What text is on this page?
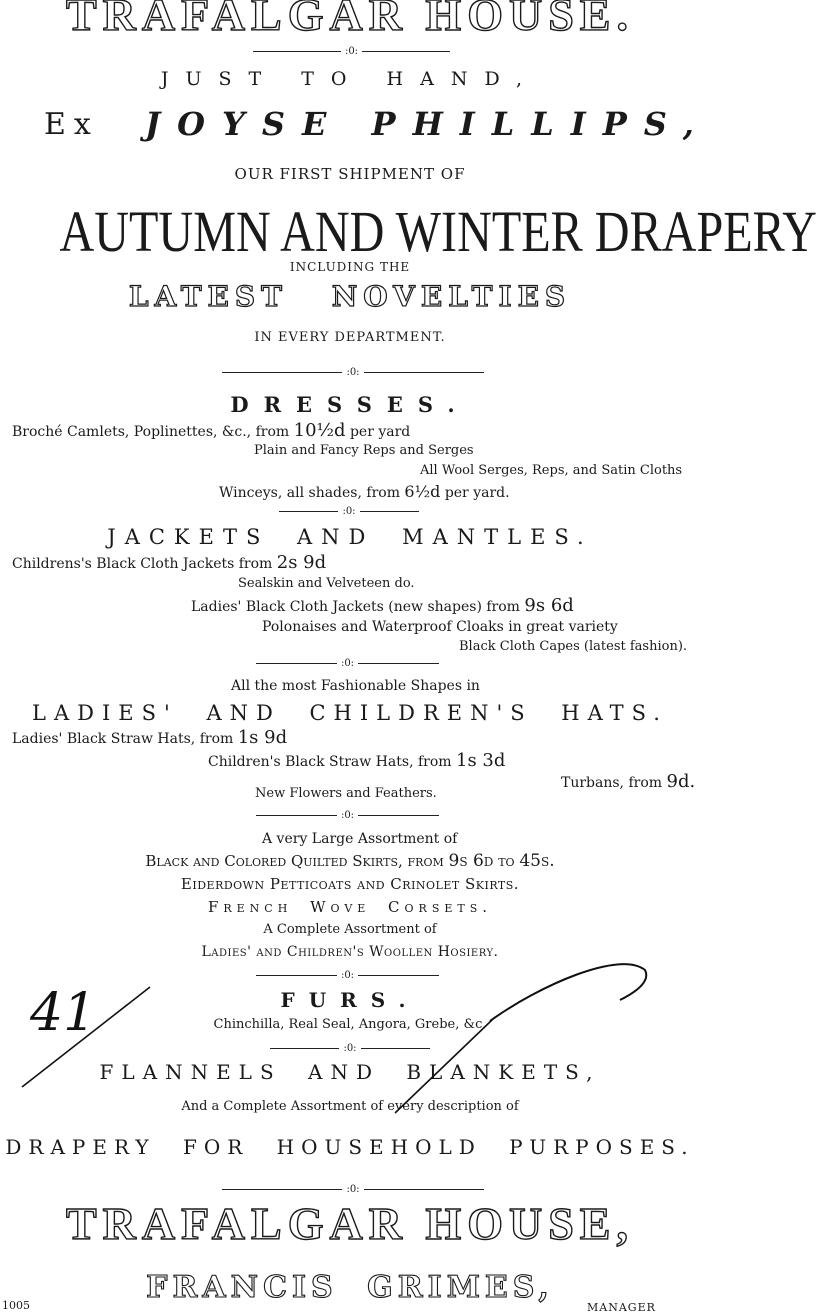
TRAFALGAR HOUSE.
:0:
JUST TO HAND,
Ex JOYSE PHILLIPS,
OUR FIRST SHIPMENT OF
AUTUMN AND WINTER DRAPERY
INCLUDING THE
LATEST NOVELTIES
IN EVERY DEPARTMENT.
:0:
DRESSES.
Broché Camlets, Poplinettes, &c., from 10½d per yard
Plain and Fancy Reps and Serges
All Wool Serges, Reps, and Satin Cloths
Winceys, all shades, from 6½d per yard.
:0:
JACKETS AND MANTLES.
Childrens's Black Cloth Jackets from 2s 9d
Sealskin and Velveteen do.
Ladies' Black Cloth Jackets (new shapes) from 9s 6d
Polonaises and Waterproof Cloaks in great variety
Black Cloth Capes (latest fashion).
:0:
All the most Fashionable Shapes in
LADIES' AND CHILDREN'S HATS.
Ladies' Black Straw Hats, from 1s 9d
Children's Black Straw Hats, from 1s 3d
Turbans, from 9d.
New Flowers and Feathers.
:0:
A very Large Assortment of
Black and Colored Quilted Skirts, from 9s 6d to 45s.
Eiderdown Petticoats and Crinolet Skirts.
French Wove Corsets.
A Complete Assortment of
Ladies' and Children's Woollen Hosiery.
:0:
FURS.
Chinchilla, Real Seal, Angora, Grebe, &c.
:0:
FLANNELS AND BLANKETS,
And a Complete Assortment of every description of
DRAPERY FOR HOUSEHOLD PURPOSES.
:0:
TRAFALGAR HOUSE,
FRANCIS GRIMES,
1005	MANAGER
41
